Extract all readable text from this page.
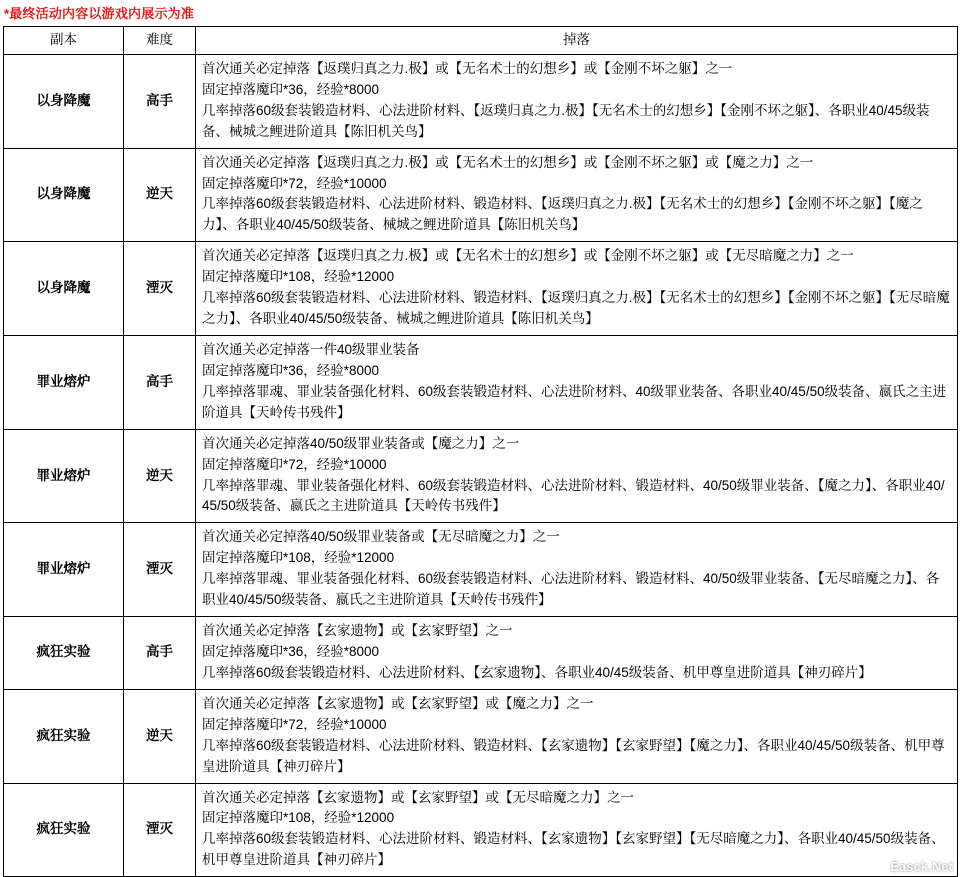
*最终活动内容以游戏内展示为准
副本	难度	掉落
以身降魔	高手	首次通关必定掉落【返璞归真之力.极】或【无名术士的幻想乡】或【金刚不坏之躯】之一
固定掉落魔印*36，经验*8000
几率掉落60级套装锻造材料、心法进阶材料、【返璞归真之力.极】【无名术士的幻想乡】【金刚不坏之躯】、各职业40/45级装备、械城之鲤进阶道具【陈旧机关鸟】

以身降魔	逆天	首次通关必定掉落【返璞归真之力.极】或【无名术士的幻想乡】或【金刚不坏之躯】或【魔之力】之一
固定掉落魔印*72，经验*10000
几率掉落60级套装锻造材料、心法进阶材料、锻造材料、【返璞归真之力.极】【无名术士的幻想乡】【金刚不坏之躯】【魔之力】、各职业40/45/50级装备、械城之鲤进阶道具【陈旧机关鸟】

以身降魔	湮灭	首次通关必定掉落【返璞归真之力.极】或【无名术士的幻想乡】或【金刚不坏之躯】或【无尽暗魔之力】之一
固定掉落魔印*108，经验*12000
几率掉落60级套装锻造材料、心法进阶材料、锻造材料、【返璞归真之力.极】【无名术士的幻想乡】【金刚不坏之躯】【无尽暗魔之力】、各职业40/45/50级装备、械城之鲤进阶道具【陈旧机关鸟】

罪业熔炉	高手	首次通关必定掉落一件40级罪业装备
固定掉落魔印*36，经验*8000
几率掉落罪魂、罪业装备强化材料、60级套装锻造材料、心法进阶材料、40级罪业装备、各职业40/45/50级装备、嬴氏之主进阶道具【天岭传书残件】

罪业熔炉	逆天	首次通关必定掉落40/50级罪业装备或【魔之力】之一
固定掉落魔印*72，经验*10000
几率掉落罪魂、罪业装备强化材料、60级套装锻造材料、心法进阶材料、锻造材料、40/50级罪业装备、【魔之力】、各职业40/45/50级装备、嬴氏之主进阶道具【天岭传书残件】

罪业熔炉	湮灭	首次通关必定掉落40/50级罪业装备或【无尽暗魔之力】之一
固定掉落魔印*108，经验*12000
几率掉落罪魂、罪业装备强化材料、60级套装锻造材料、心法进阶材料、锻造材料、40/50级罪业装备、【无尽暗魔之力】、各职业40/45/50级装备、嬴氏之主进阶道具【天岭传书残件】

疯狂实验	高手	首次通关必定掉落【玄家遗物】或【玄家野望】之一
固定掉落魔印*36，经验*8000
几率掉落60级套装锻造材料、心法进阶材料、【玄家遗物】、各职业40/45级装备、机甲尊皇进阶道具【神刃碎片】

疯狂实验	逆天	首次通关必定掉落【玄家遗物】或【玄家野望】或【魔之力】之一
固定掉落魔印*72，经验*10000
几率掉落60级套装锻造材料、心法进阶材料、锻造材料、【玄家遗物】【玄家野望】【魔之力】、各职业40/45/50级装备、机甲尊皇进阶道具【神刃碎片】

疯狂实验	湮灭	首次通关必定掉落【玄家遗物】或【玄家野望】或【无尽暗魔之力】之一
固定掉落魔印*108，经验*12000
几率掉落60级套装锻造材料、心法进阶材料、锻造材料、【玄家遗物】【玄家野望】【无尽暗魔之力】、各职业40/45/50级装备、机甲尊皇进阶道具【神刃碎片】	Easck.Net
